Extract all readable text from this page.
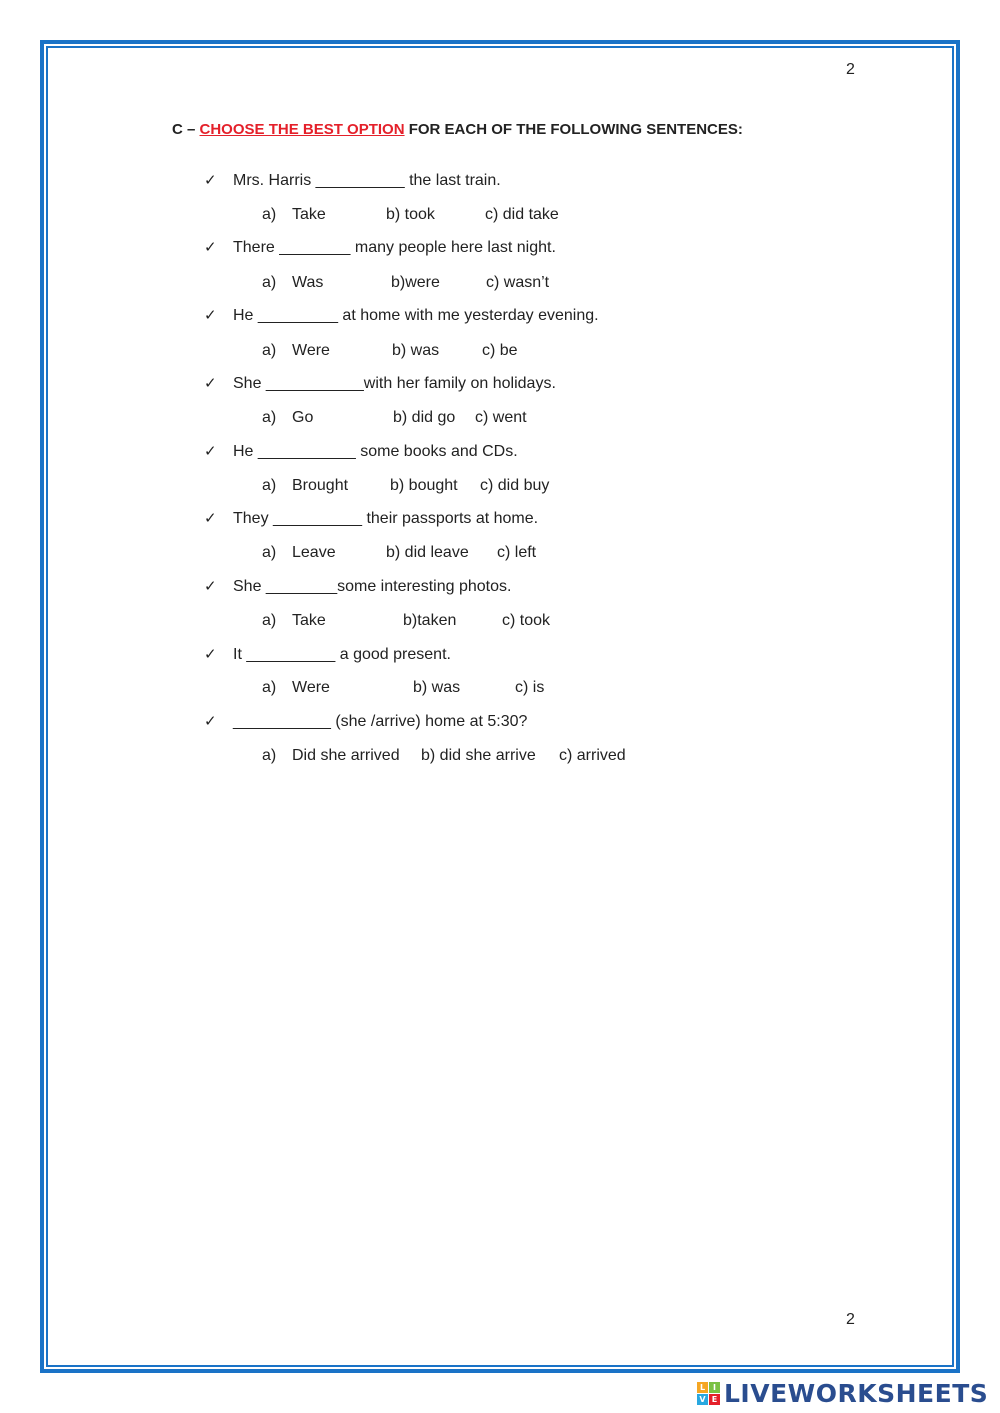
2
C – CHOOSE THE BEST OPTION FOR EACH OF THE FOLLOWING SENTENCES:
✓ Mrs. Harris __________ the last train.
a) Take	b) took	c) did take
✓ There ________ many people here last night.
a) Was	b)were	c) wasn’t
✓ He _________ at home with me yesterday evening.
a) Were	b) was	c) be
✓ She ___________with her family on holidays.
a) Go	b) did go c) went
✓ He ___________ some books and CDs.
a) Brought	b) bought c) did buy
✓ They __________ their passports at home.
a) Leave	b) did leave c) left
✓ She ________some interesting photos.
a) Take	b)taken	c) took
✓ It __________ a good present.
a) Were	b) was	c) is
✓ ___________ (she /arrive) home at 5:30?
a) Did she arrived b) did she arrive c) arrived
2
L I
V E LIVEWORKSHEETS
